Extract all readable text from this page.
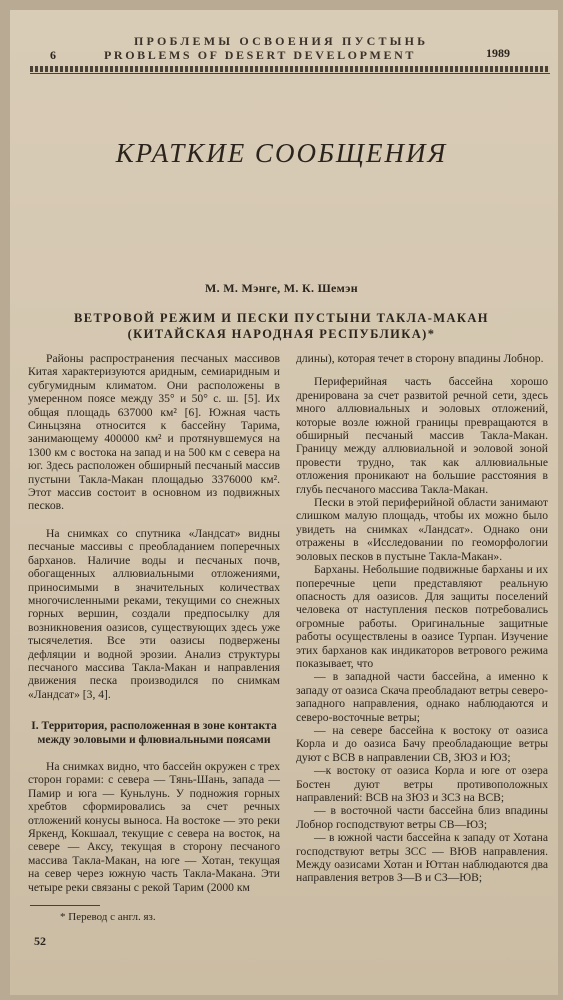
ПРОБЛЕМЫ ОСВОЕНИЯ ПУСТЫНЬ
6	PROBLEMS OF DESERT DEVELOPMENT	1989
КРАТКИЕ СООБЩЕНИЯ
М. М. Мэнге, М. К. Шемэн
ВЕТРОВОЙ РЕЖИМ И ПЕСКИ ПУСТЫНИ ТАКЛА-МАКАН
(КИТАЙСКАЯ НАРОДНАЯ РЕСПУБЛИКА)*

Районы распространения песчаных массивов Китая характеризуются аридным, семиаридным и субгумидным климатом. Они расположены в умеренном поясе между 35° и 50° с. ш. [5]. Их общая площадь 637000 км² [6]. Южная часть Синьцзяна относится к бассейну Тарима, занимающему 400000 км² и протянувшемуся на 1300 км с востока на запад и на 500 км с севера на юг. Здесь расположен обширный песчаный массив пустыни Такла-Макан площадью 3376000 км². Этот массив состоит в основном из подвижных песков.

На снимках со спутника «Ландсат» видны песчаные массивы с преобладанием поперечных барханов. Наличие воды и песчаных почв, обогащенных аллювиальными отложениями, приносимыми в значительных количествах многочисленными реками, текущими со снежных горных вершин, создали предпосылку для возникновения оазисов, существующих здесь уже тысячелетия. Все эти оазисы подвержены дефляции и водной эрозии. Анализ структуры песчаного массива Такла-Макан и направления движения песка производился по снимкам «Ландсат» [3, 4].

I. Территория, расположенная в зоне контакта между эоловыми и флювиальными поясами

На снимках видно, что бассейн окружен с трех сторон горами: с севера — Тянь-Шань, запада — Памир и юга — Куньлунь. У подножия горных хребтов сформировались за счет речных отложений конусы выноса. На востоке — это реки Яркенд, Кокшаал, текущие с севера на восток, на севере — Аксу, текущая в сторону песчаного массива Такла-Макан, на юге — Хотан, текущая на север через южную часть Такла-Макана. Эти четыре реки связаны с рекой Тарим (2000 км

длины), которая течет в сторону впадины Лобнор.

Периферийная часть бассейна хорошо дренирована за счет развитой речной сети, здесь много аллювиальных и эоловых отложений, которые возле южной границы превращаются в обширный песчаный массив Такла-Макан. Границу между аллювиальной и эоловой зоной провести трудно, так как аллювиальные отложения проникают на большие расстояния в глубь песчаного массива Такла-Макан.

Пески в этой периферийной области занимают слишком малую площадь, чтобы их можно было увидеть на снимках «Ландсат». Однако они отражены в «Исследовании по геоморфологии эоловых песков в пустыне Такла-Макан».

Барханы. Небольшие подвижные барханы и их поперечные цепи представляют реальную опасность для оазисов. Для защиты поселений человека от наступления песков потребовались огромные работы. Оригинальные защитные работы осуществлены в оазисе Турпан. Изучение этих барханов как индикаторов ветрового режима показывает, что

— в западной части бассейна, а именно к западу от оазиса Скача преобладают ветры северо-западного направления, однако наблюдаются и северо-восточные ветры;

— на севере бассейна к востоку от оазиса Корла и до оазиса Бачу преобладающие ветры дуют с ВСВ в направлении СВ, ЗЮЗ и ЮЗ;

—к востоку от оазиса Корла и юге от озера Бостен дуют ветры противоположных направлений: ВСВ на ЗЮЗ и ЗСЗ на ВСВ;

— в восточной части бассейна близ впадины Лобнор господствуют ветры СВ—ЮЗ;

— в южной части бассейна к западу от Хотана господствуют ветры ЗСС — ВЮВ направления. Между оазисами Хотан и Юттан наблюдаются два направления ветров З—В и СЗ—ЮВ;

* Перевод с англ. яз.
52
